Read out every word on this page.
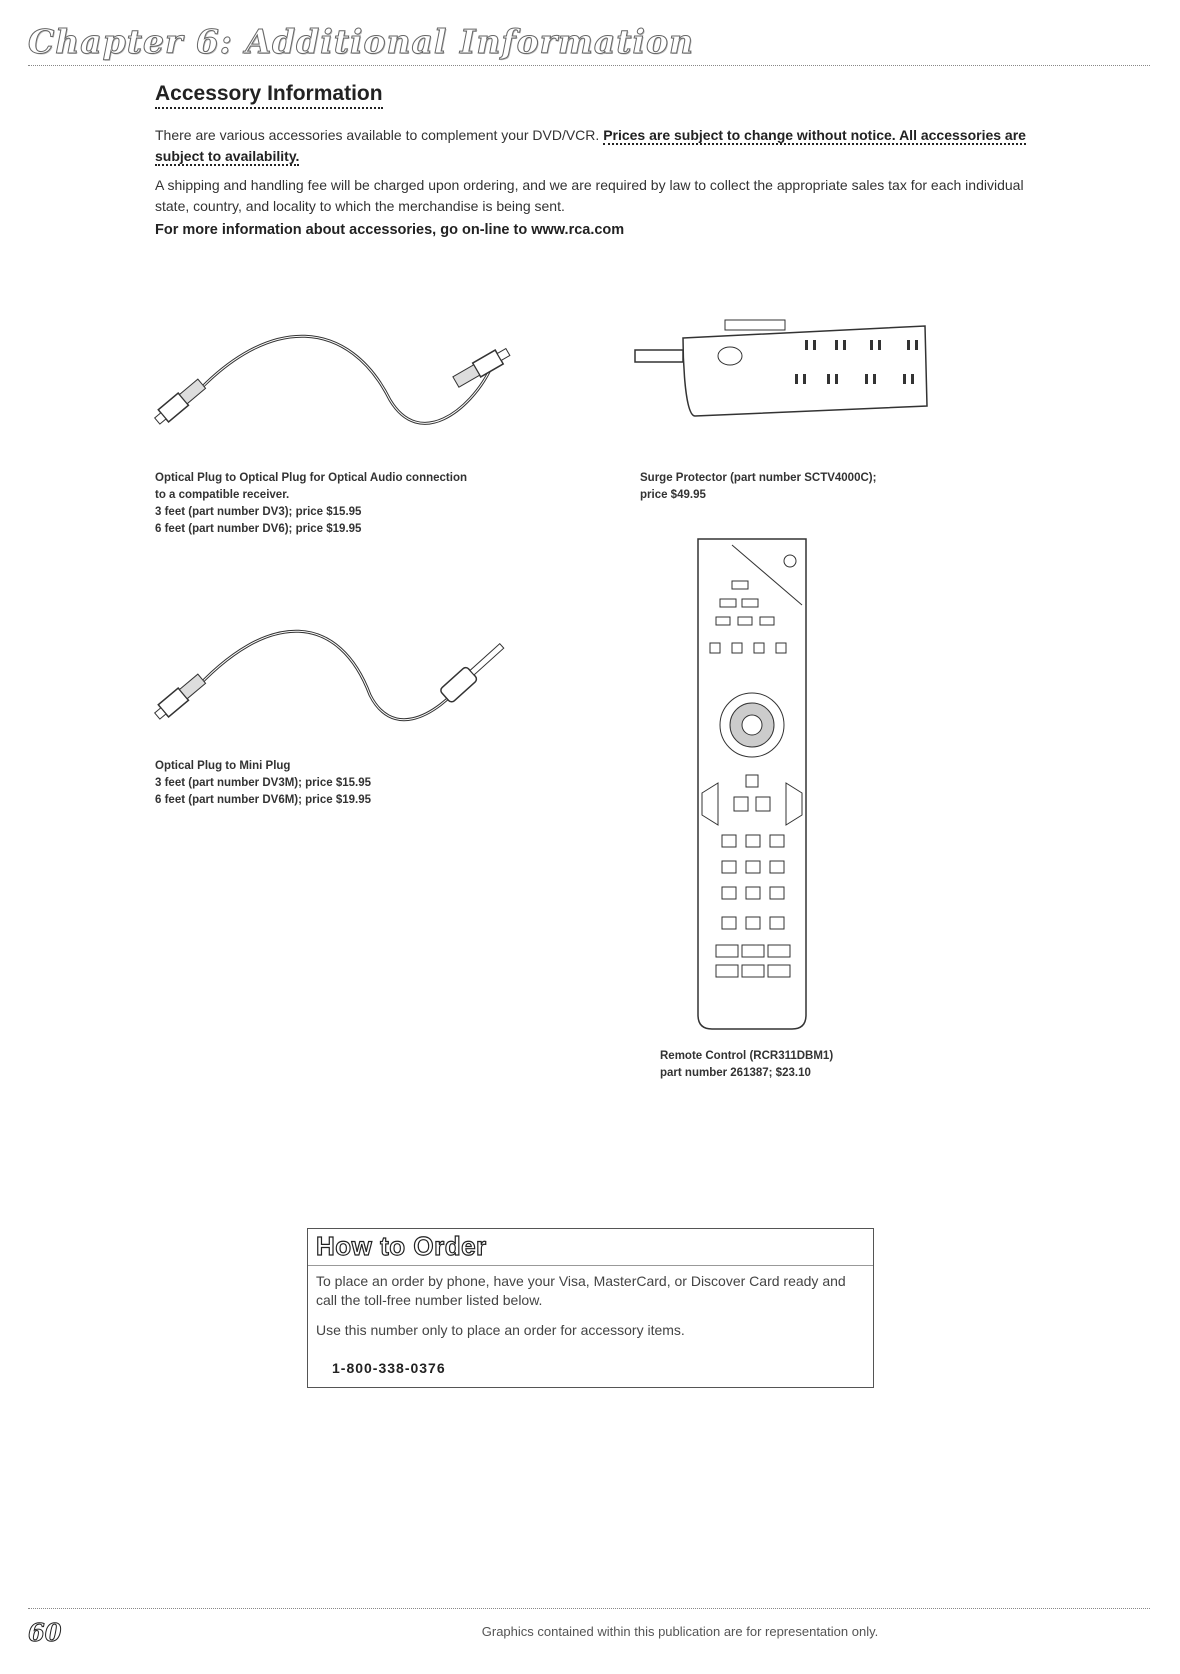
Chapter 6: Additional Information
Accessory Information
There are various accessories available to complement your DVD/VCR. Prices are subject to change without notice. All accessories are subject to availability.
A shipping and handling fee will be charged upon ordering, and we are required by law to collect the appropriate sales tax for each individual state, country, and locality to which the merchandise is being sent.
For more information about accessories, go on-line to www.rca.com
Optical Plug to Optical Plug for Optical Audio connection
to a compatible receiver.
3 feet (part number DV3); price $15.95
6 feet (part number DV6); price $19.95
Surge Protector (part number SCTV4000C);
price $49.95
Optical Plug to Mini Plug
3 feet (part number DV3M); price $15.95
6 feet (part number DV6M); price $19.95
Remote Control (RCR311DBM1)
part number 261387; $23.10
How to Order
To place an order by phone, have your Visa, MasterCard, or Discover Card ready and call the toll-free number listed below.
Use this number only to place an order for accessory items.
1-800-338-0376
60	Graphics contained within this publication are for representation only.
